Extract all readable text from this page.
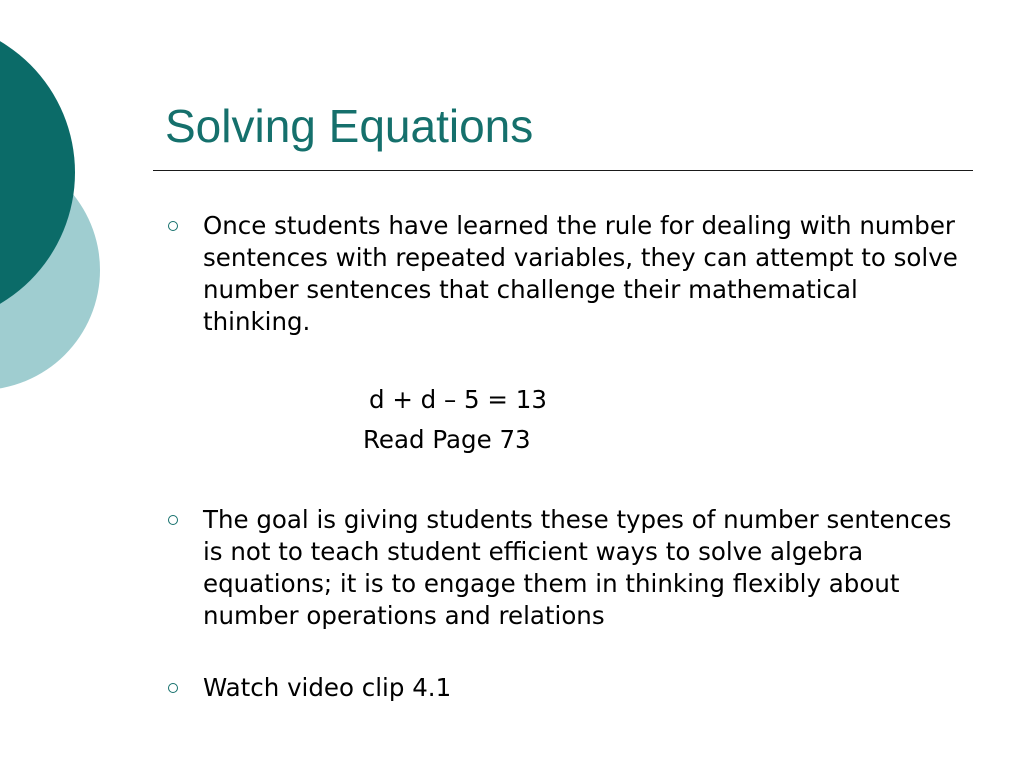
Solving Equations
Once students have learned the rule for dealing with number sentences with repeated variables, they can attempt to solve number sentences that challenge their mathematical thinking.
d + d – 5 = 13
Read Page 73
The goal is giving students these types of number sentences is not to teach student efficient ways to solve algebra equations; it is to engage them in thinking flexibly about number operations and relations
Watch video clip 4.1
